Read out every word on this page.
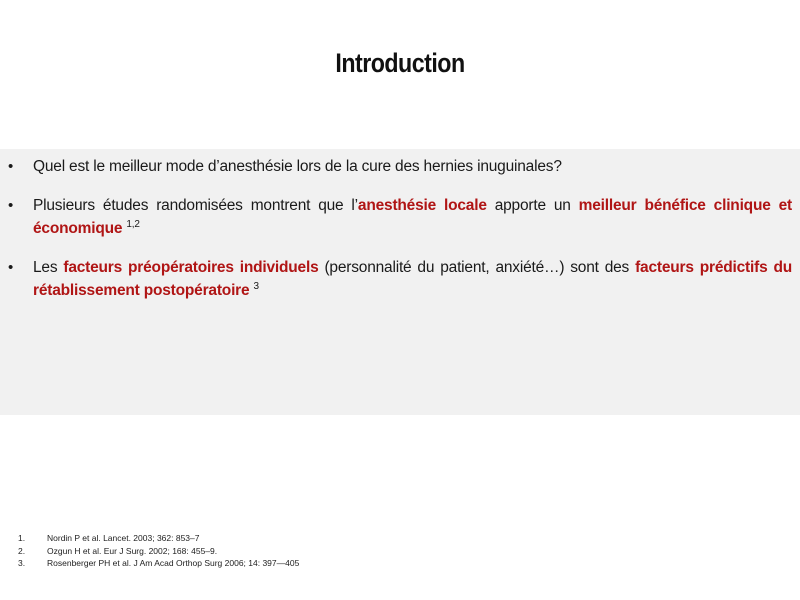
Introduction
• Quel est le meilleur mode d’anesthésie lors de la cure des hernies inuguinales?
• Plusieurs études randomisées montrent que l’anesthésie locale apporte un meilleur bénéfice clinique et économique $^{1,2}$
• Les facteurs préopératoires individuels (personnalité du patient, anxiété…) sont des facteurs prédictifs du rétablissement postopératoire $^3$
1.	Nordin P et al. Lancet. 2003; 362: 853–7
2.	Ozgun H et al. Eur J Surg. 2002; 168: 455–9.
3.	Rosenberger PH et al. J Am Acad Orthop Surg 2006; 14: 397—405
